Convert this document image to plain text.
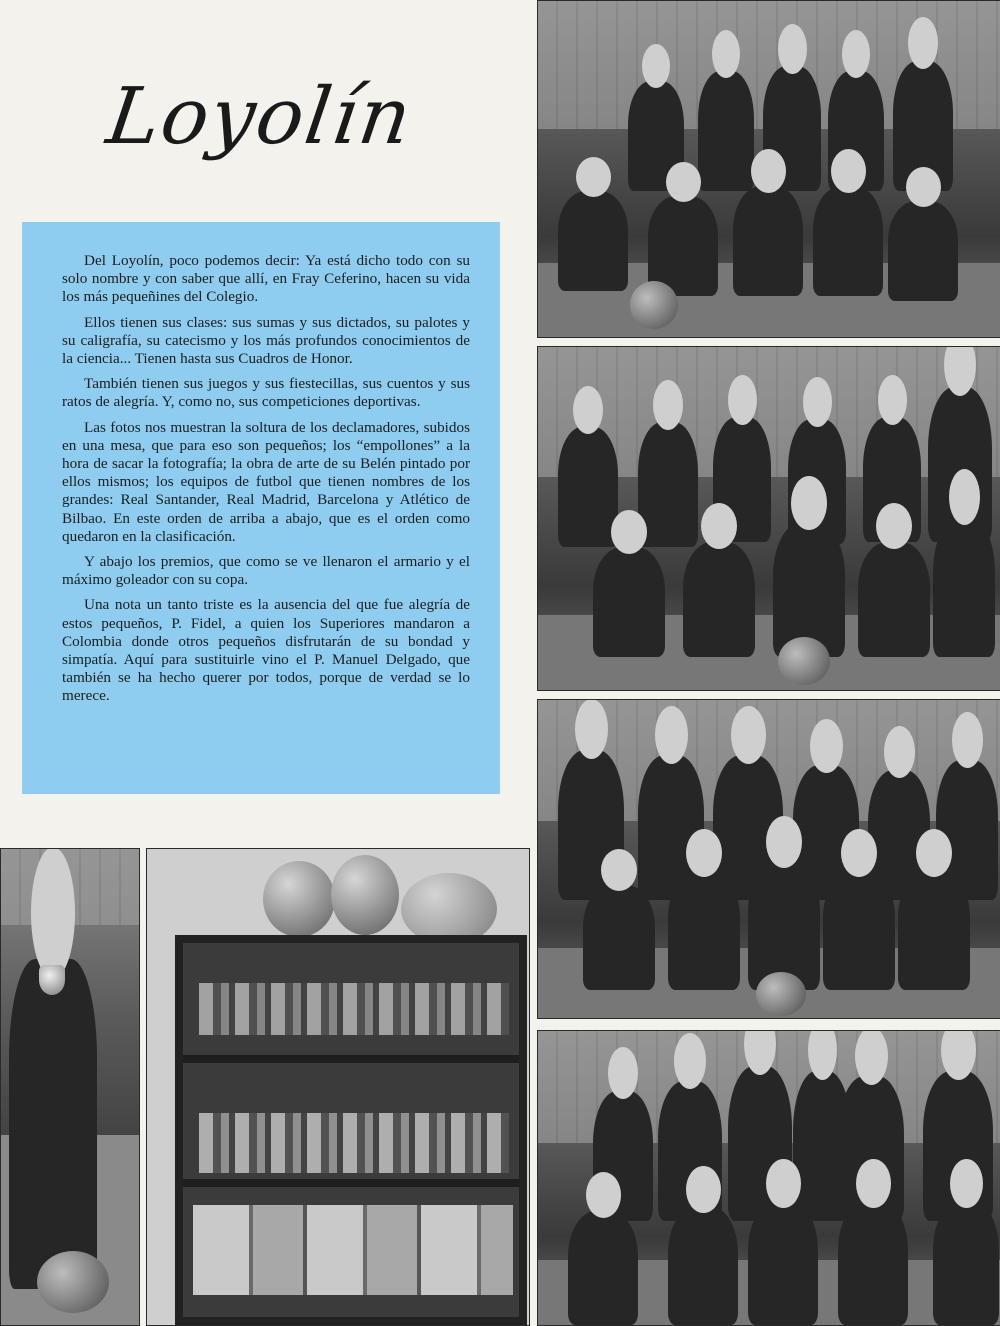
Loyolín

Del Loyolín, poco podemos decir: Ya está dicho todo con su solo nombre y con saber que allí, en Fray Ceferino, hacen su vida los más pequeñines del Colegio.

Ellos tienen sus clases: sus sumas y sus dictados, su palotes y su caligrafía, su catecismo y los más profundos conocimientos de la ciencia... Tienen hasta sus Cuadros de Honor.

También tienen sus juegos y sus fiestecillas, sus cuentos y sus ratos de alegría. Y, como no, sus competiciones deportivas.

Las fotos nos muestran la soltura de los declamadores, subidos en una mesa, que para eso son pequeños; los “empollones” a la hora de sacar la fotografía; la obra de arte de su Belén pintado por ellos mismos; los equipos de futbol que tienen nombres de los grandes: Real Santander, Real Madrid, Barcelona y Atlético de Bilbao. En este orden de arriba a abajo, que es el orden como quedaron en la clasificación.

Y abajo los premios, que como se ve llenaron el armario y el máximo goleador con su copa.

Una nota un tanto triste es la ausencia del que fue alegría de estos pequeños, P. Fidel, a quien los Superiores mandaron a Colombia donde otros pequeños disfrutarán de su bondad y simpatía. Aquí para sustituirle vino el P. Manuel Delgado, que también se ha hecho querer por todos, porque de verdad se lo merece.
